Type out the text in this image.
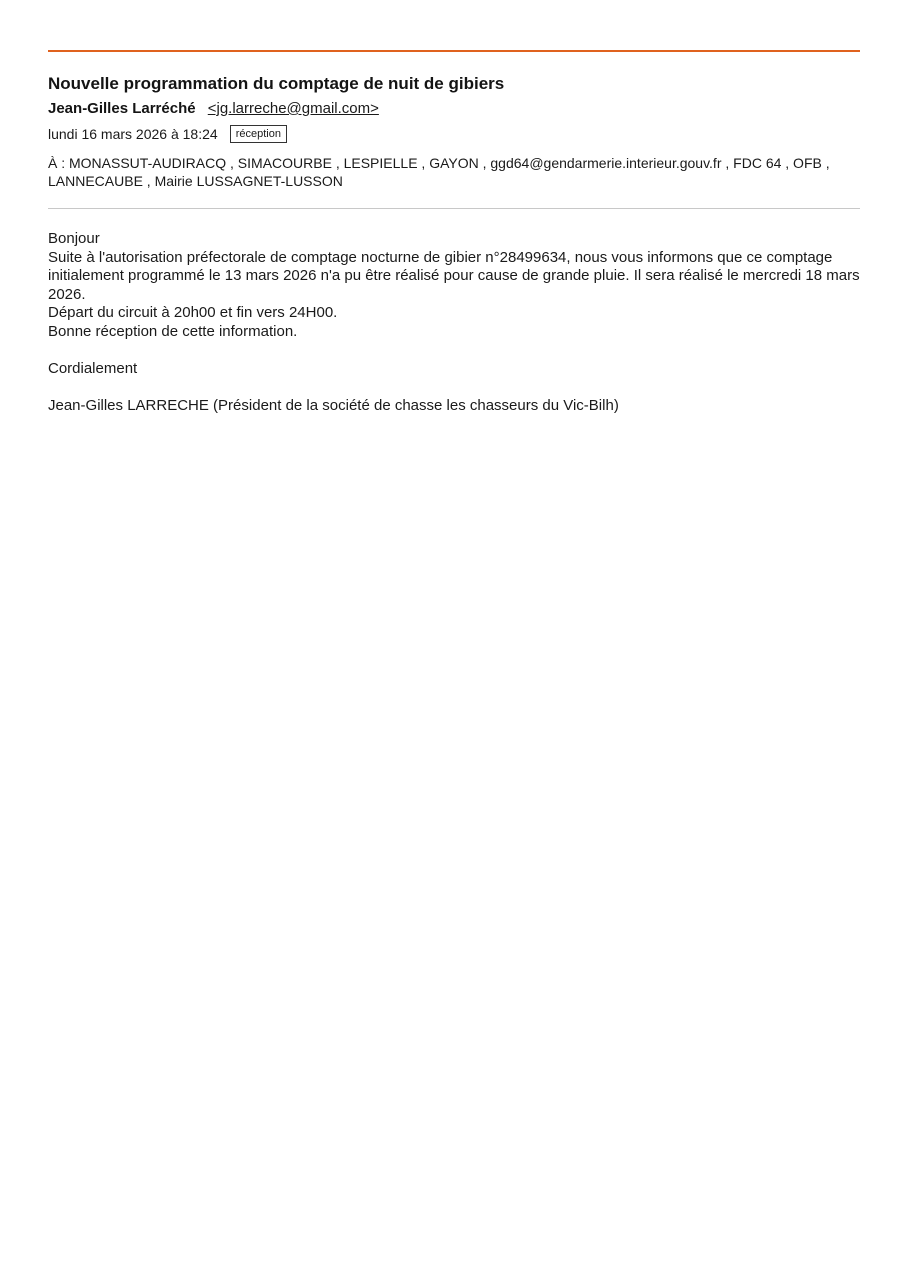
Nouvelle programmation du comptage de nuit de gibiers
Jean-Gilles Larréché <jg.larreche@gmail.com>
lundi 16 mars 2026 à 18:24	réception
À : MONASSUT-AUDIRACQ , SIMACOURBE , LESPIELLE , GAYON , ggd64@gendarmerie.interieur.gouv.fr , FDC 64 , OFB , LANNECAUBE , Mairie LUSSAGNET-LUSSON

Bonjour

Suite à l'autorisation préfectorale de comptage nocturne de gibier n°28499634, nous vous informons que ce comptage initialement programmé le 13 mars 2026 n'a pu être réalisé pour cause de grande pluie. Il sera réalisé le mercredi 18 mars 2026.

Départ du circuit à 20h00 et fin vers 24H00.

Bonne réception de cette information.

Cordialement

Jean-Gilles LARRECHE (Président de la société de chasse les chasseurs du Vic-Bilh)
